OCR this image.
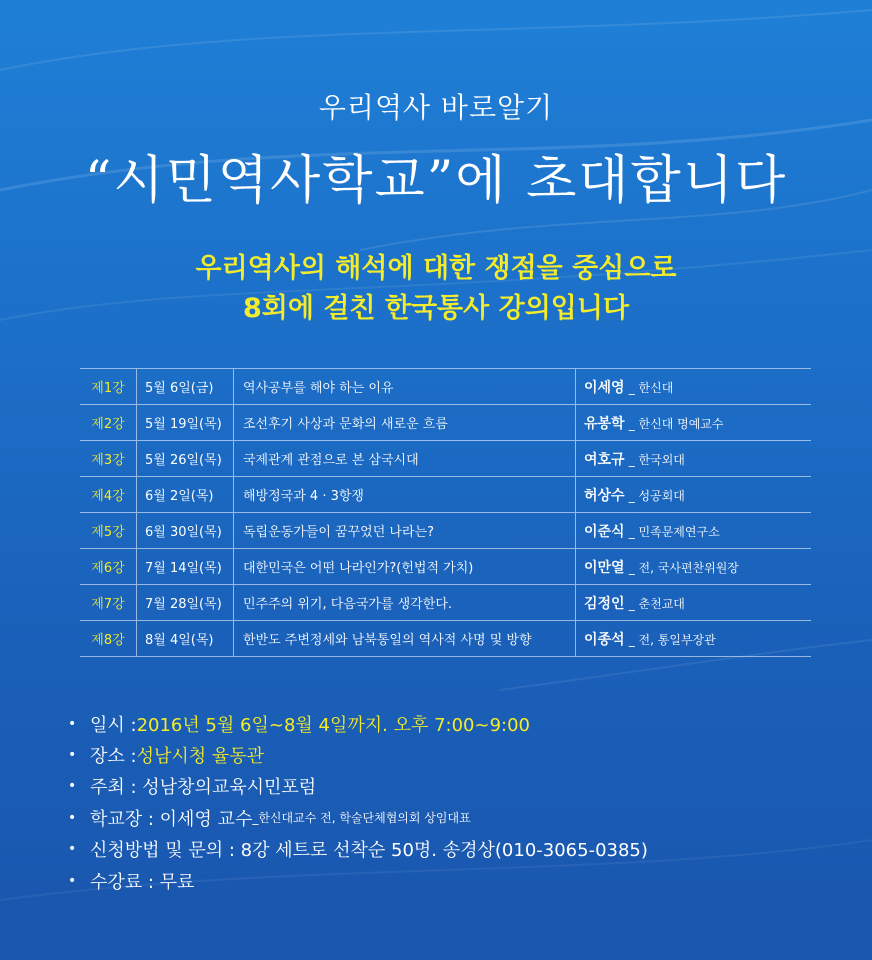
우리역사 바로알기
“시민역사학교”에 초대합니다
우리역사의 해석에 대한 쟁점을 중심으로
8회에 걸친 한국통사 강의입니다
제1강	5월 6일(금)	역사공부를 해야 하는 이유	이세영 _ 한신대
제2강	5월 19일(목)	조선후기 사상과 문화의 새로운 흐름	유봉학 _ 한신대 명예교수
제3강	5월 26일(목)	국제관계 관점으로 본 삼국시대	여호규 _ 한국외대
제4강	6월 2일(목)	해방정국과 4 · 3항쟁	허상수 _ 성공회대
제5강	6월 30일(목)	독립운동가들이 꿈꾸었던 나라는?	이준식 _ 민족문제연구소
제6강	7월 14일(목)	대한민국은 어떤 나라인가?(헌법적 가치)	이만열 _ 전, 국사편찬위원장
제7강	7월 28일(목)	민주주의 위기, 다음국가를 생각한다.	김정인 _ 춘천교대
제8강	8월 4일(목)	한반도 주변정세와 남북통일의 역사적 사명 및 방향	이종석 _ 전, 통일부장관
• 일시 : 2016년 5월 6일~8월 4일까지. 오후 7:00~9:00
• 장소 : 성남시청 율동관
• 주최 : 성남창의교육시민포럼
• 학교장 : 이세영 교수 _한신대교수 전, 학술단체협의회 상임대표
• 신청방법 및 문의 : 8강 세트로 선착순 50명. 송경상(010-3065-0385)
• 수강료 : 무료
